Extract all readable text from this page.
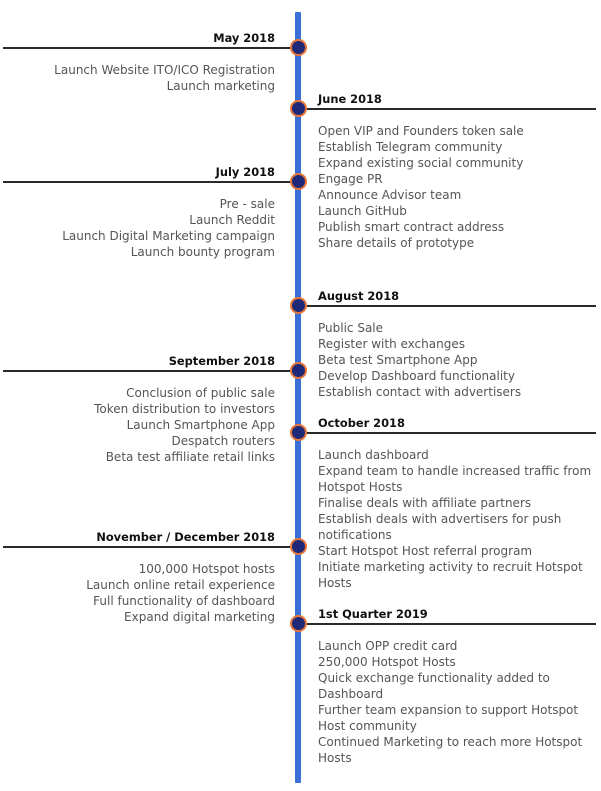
May 2018
Launch Website ITO/ICO Registration
Launch marketing
June 2018
Open VIP and Founders token sale
Establish Telegram community
Expand existing social community
Engage PR
Announce Advisor team
Launch GitHub
Publish smart contract address
Share details of prototype
July 2018
Pre - sale
Launch Reddit
Launch Digital Marketing campaign
Launch bounty program
August 2018
Public Sale
Register with exchanges
Beta test Smartphone App
Develop Dashboard functionality
Establish contact with advertisers
September 2018
Conclusion of public sale
Token distribution to investors
Launch Smartphone App
Despatch routers
Beta test affiliate retail links
October 2018
Launch dashboard
Expand team to handle increased traffic from Hotspot Hosts
Finalise deals with affiliate partners
Establish deals with advertisers for push notifications
Start Hotspot Host referral program
Initiate marketing activity to recruit Hotspot Hosts
November / December 2018
100,000 Hotspot hosts
Launch online retail experience
Full functionality of dashboard
Expand digital marketing	1st Quarter 2019
Launch OPP credit card
250,000 Hotspot Hosts
Quick exchange functionality added to Dashboard
Further team expansion to support Hotspot Host community
Continued Marketing to reach more Hotspot Hosts
